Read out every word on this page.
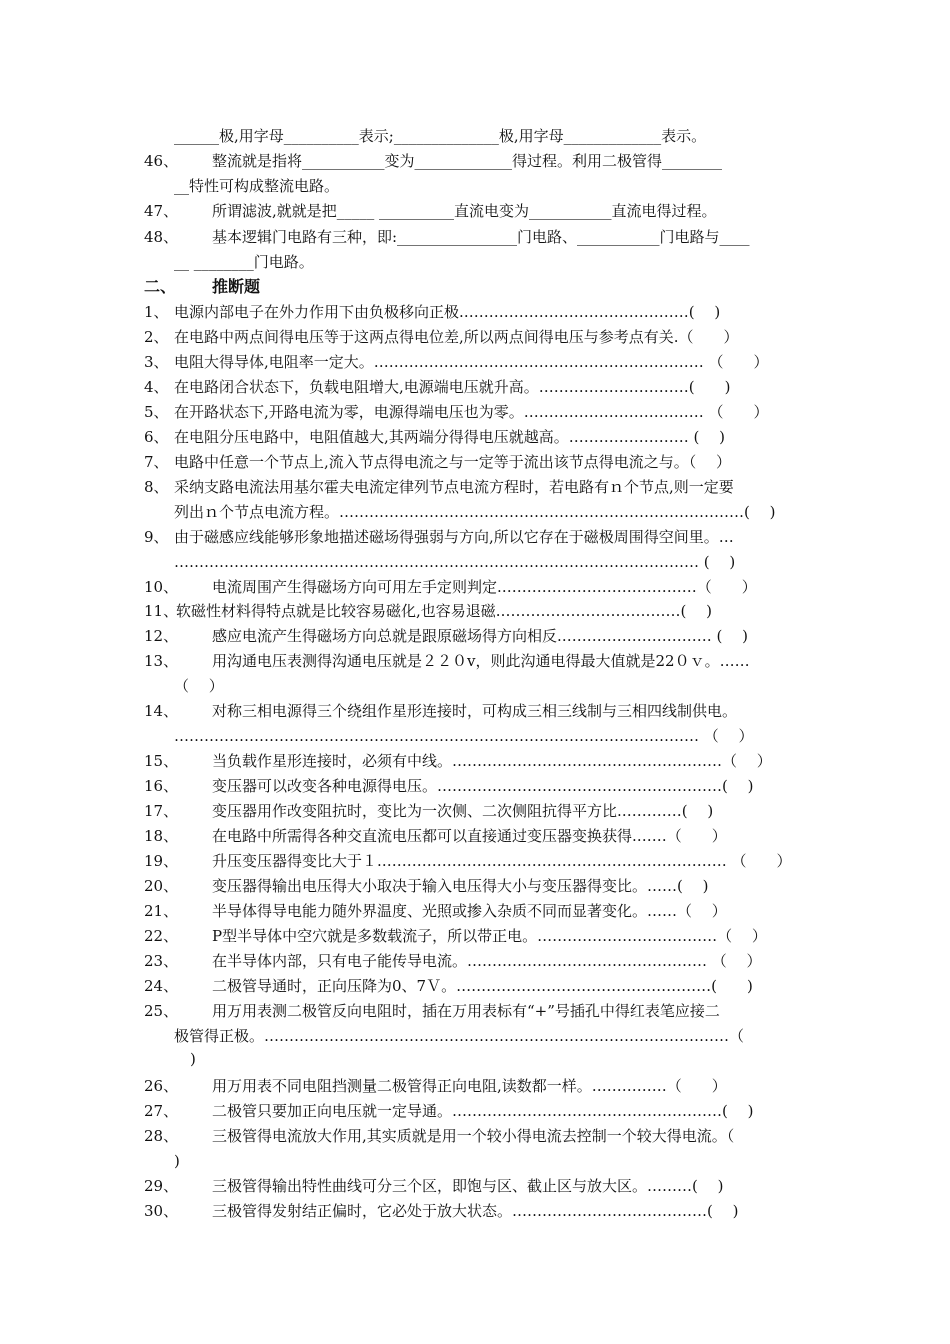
______极,用字母__________表示;______________极,用字母_____________表示。
46、 整流就是指将___________变为_____________得过程。利用二极管得________
__特性可构成整流电路。
47、 所谓滤波,就就是把_____ __________直流电变为___________直流电得过程。
48、 基本逻辑门电路有三种，即:________________门电路、___________门电路与____
__ ________门电路。
二、 推断题
1、 电源内部电子在外力作用下由负极移向正极.………………………………………(　 )
2、 在电路中两点间得电压等于这两点得电位差,所以两点间得电压与参考点有关.（　　）
3、 电阻大得导体,电阻率一定大。………………………………………………………… （　　）
4、 在电路闭合状态下，负载电阻增大,电源端电压就升高。…………………………(　　)
5、 在开路状态下,开路电流为零，电源得端电压也为零。……………………………… （　　）
6、 在电阻分压电路中，电阻值越大,其两端分得得电压就越高。…………………… (　 )
7、 电路中任意一个节点上,流入节点得电流之与一定等于流出该节点得电流之与。（　 ）
8、 采纳支路电流法用基尔霍夫电流定律列节点电流方程时，若电路有ｎ个节点,则一定要
列出ｎ个节点电流方程。………………………………………………………………………(　 )
9、 由于磁感应线能够形象地描述磁场得强弱与方向,所以它存在于磁极周围得空间里。…
…………………………………………………………………………………………… (　 )
10、 电流周围产生得磁场方向可用左手定则判定.…………………………………（　　）
11、
软磁性材料得特点就是比较容易磁化,也容易退磁.………………………………(　 )
12、 感应电流产生得磁场方向总就是跟原磁场得方向相反.………………………… (　 )
13、 用沟通电压表测得沟通电压就是２２０v，则此沟通电得最大值就是22０ｖ。……
（　 ）
14、 对称三相电源得三个绕组作星形连接时，可构成三相三线制与三相四线制供电。
…………………………………………………………………………………………… （　 ）
15、 当负载作星形连接时，必须有中线。………………………………………………（　 ）
16、 变压器可以改变各种电源得电压。…………………………………………………(　 )
17、 变压器用作改变阻抗时，变比为一次侧、二次侧阻抗得平方比.…………(　 )
18、 在电路中所需得各种交直流电压都可以直接通过变压器变换获得.……（　　）
19、 升压变压器得变比大于１.…………………………………………………………… （　　）
20、 变压器得输出电压得大小取决于输入电压得大小与变压器得变比。……(　 )
21、 半导体得导电能力随外界温度、光照或掺入杂质不同而显著变化。……（　 ）
22、 P型半导体中空穴就是多数载流子，所以带正电。………………………………（　 ）
23、 在半导体内部，只有电子能传导电流。………………………………………… （　 ）
24、 二极管导通时，正向压降为0、7Ｖ。……………………………………………(　　)
25、 用万用表测二极管反向电阻时，插在万用表标有“+”号插孔中得红表笔应接二
极管得正极。…………………………………………………………………………………（
)
26、 用万用表不同电阻挡测量二极管得正向电阻,读数都一样。……………（　　）
27、 二极管只要加正向电压就一定导通。………………………………………………(　 )
28、 三极管得电流放大作用,其实质就是用一个较小得电流去控制一个较大得电流。（
)
29、 三极管得输出特性曲线可分三个区，即饱与区、截止区与放大区。………(　 )
30、 三极管得发射结正偏时，它必处于放大状态。…………………………………(　 )
